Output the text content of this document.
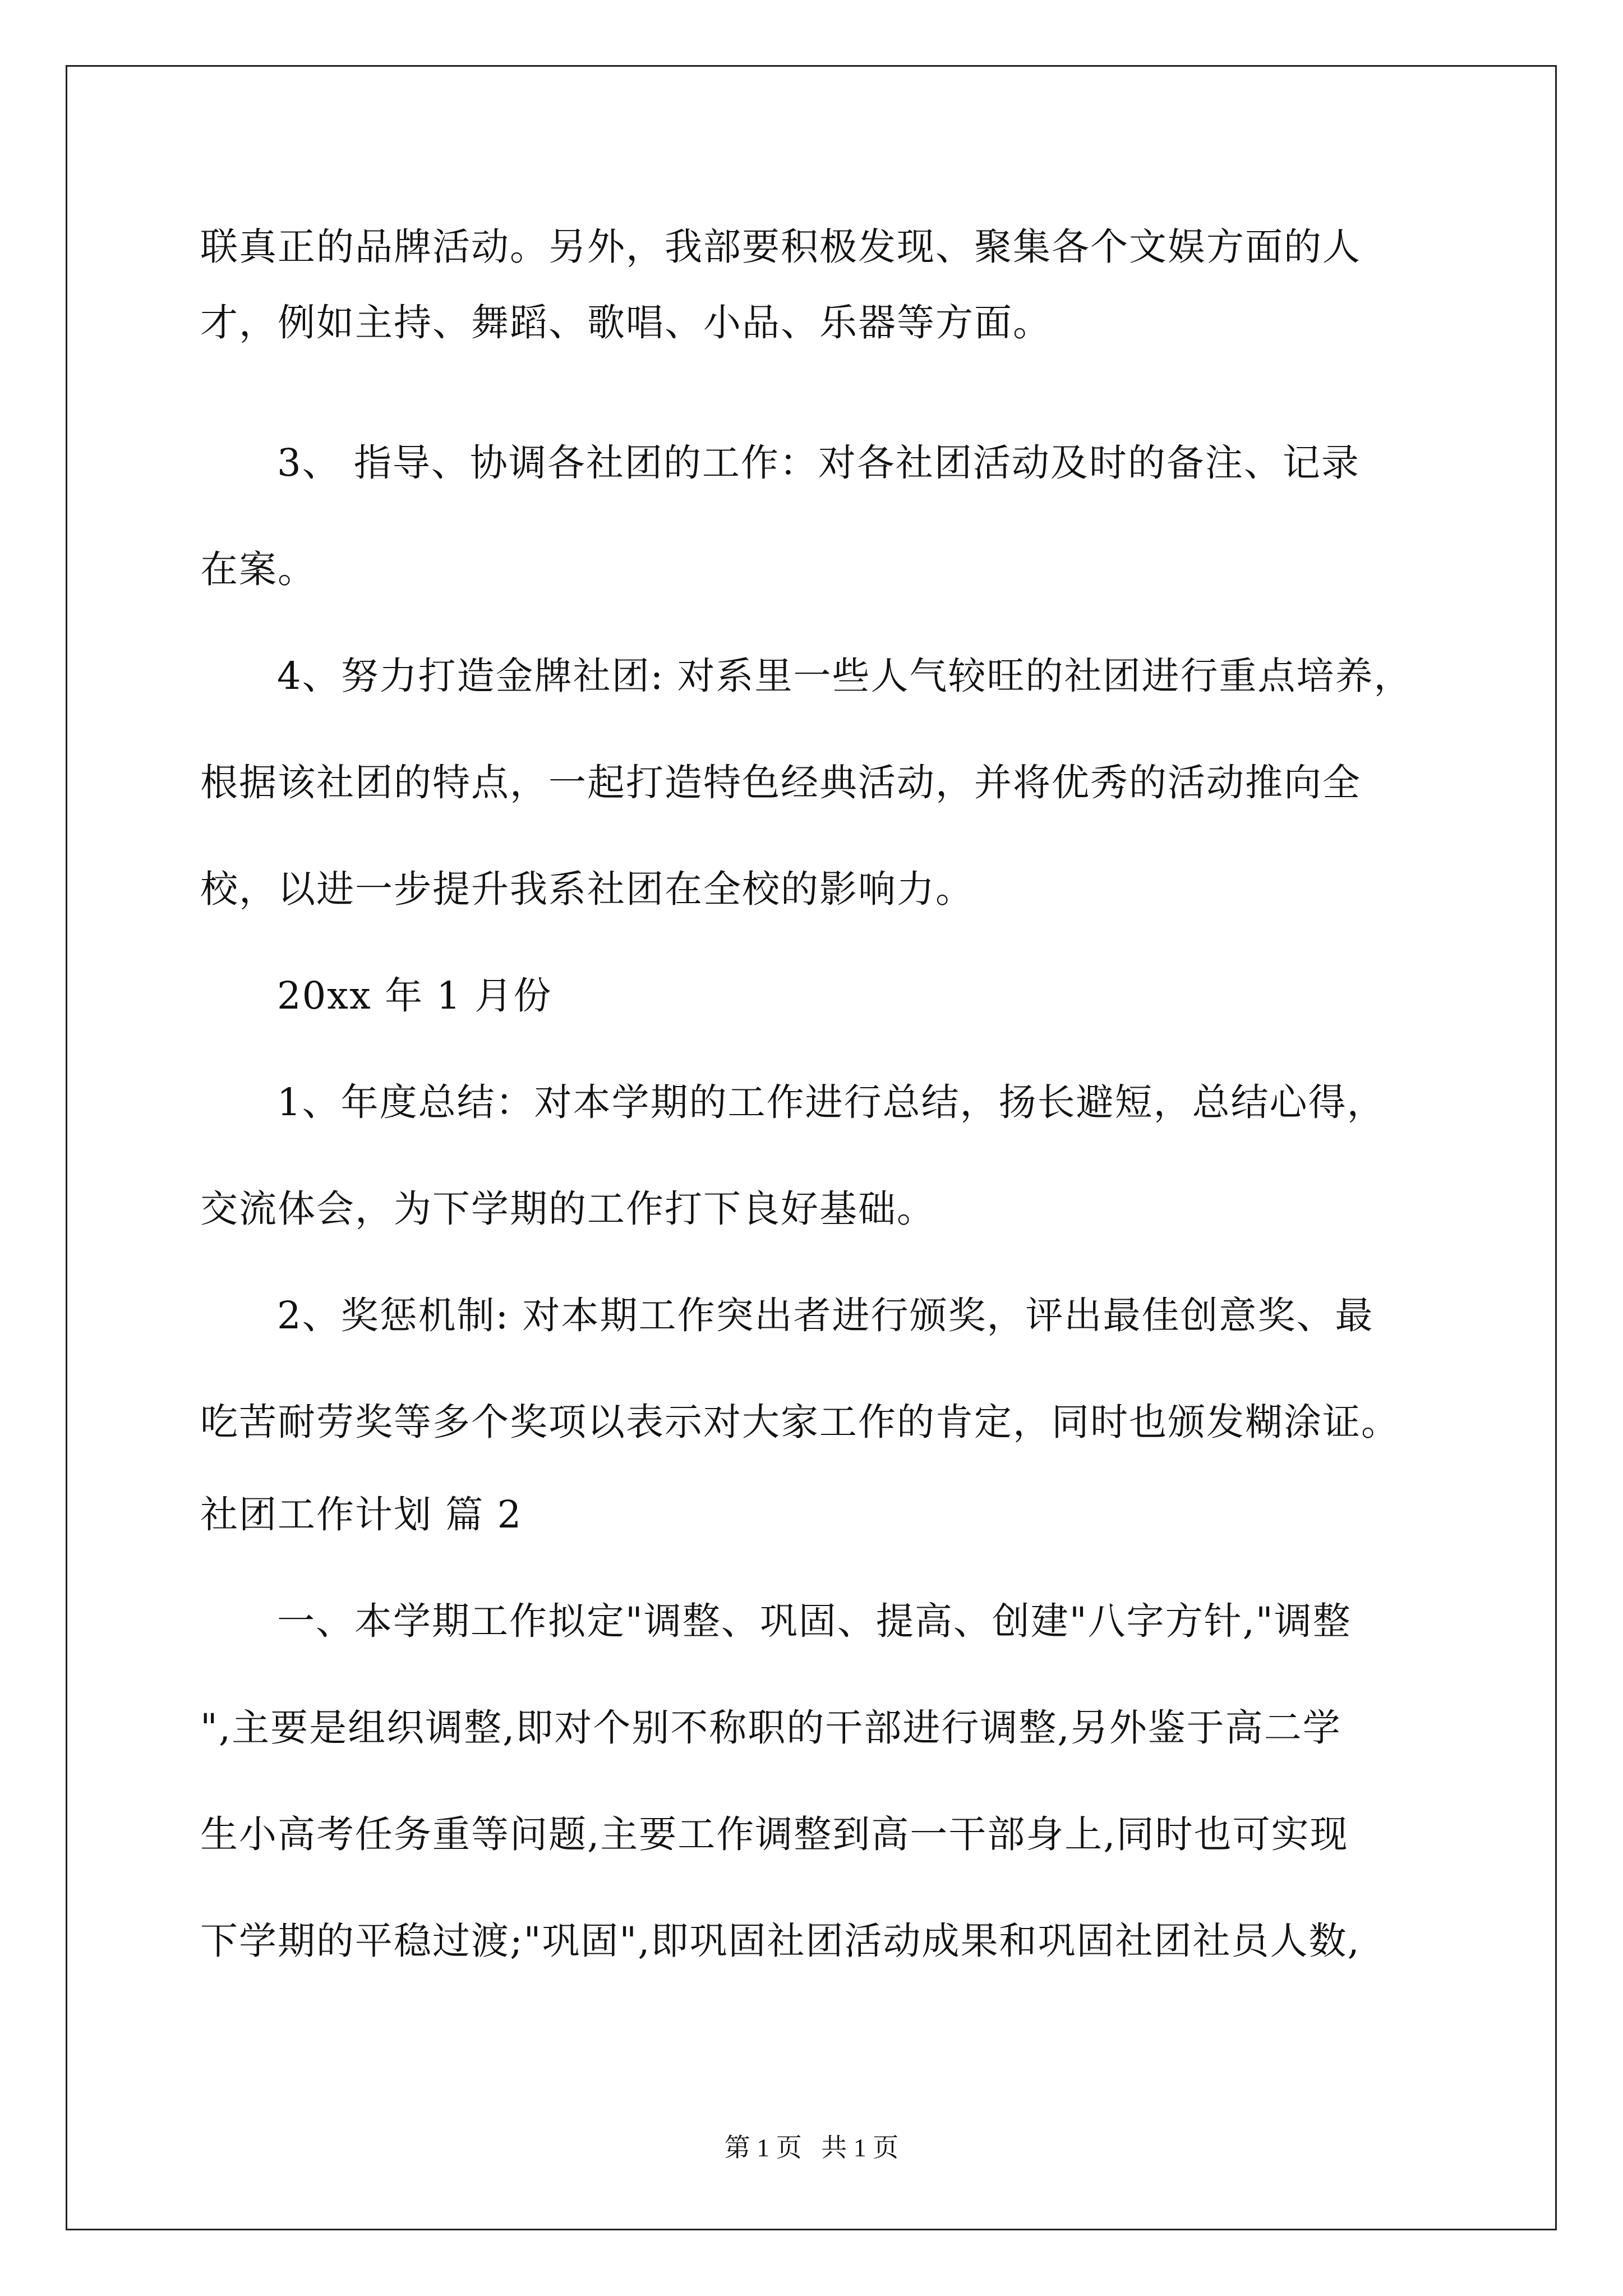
联真正的品牌活动。另外，我部要积极发现、聚集各个文娱方面的人
才，例如主持、舞蹈、歌唱、小品、乐器等方面。
3、 指导、协调各社团的工作：对各社团活动及时的备注、记录
在案。
4、努力打造金牌社团: 对系里一些人气较旺的社团进行重点培养，
根据该社团的特点，一起打造特色经典活动，并将优秀的活动推向全
校，以进一步提升我系社团在全校的影响力。
20xx 年 1 月份
1、年度总结：对本学期的工作进行总结，扬长避短，总结心得，
交流体会，为下学期的工作打下良好基础。
2、奖惩机制: 对本期工作突出者进行颁奖，评出最佳创意奖、最
吃苦耐劳奖等多个奖项以表示对大家工作的肯定，同时也颁发糊涂证。
社团工作计划 篇 2
一、本学期工作拟定"调整、巩固、提高、创建"八字方针,"调整
",主要是组织调整,即对个别不称职的干部进行调整,另外鉴于高二学
生小高考任务重等问题,主要工作调整到高一干部身上,同时也可实现
下学期的平稳过渡;"巩固",即巩固社团活动成果和巩固社团社员人数,
第 1 页   共 1 页
